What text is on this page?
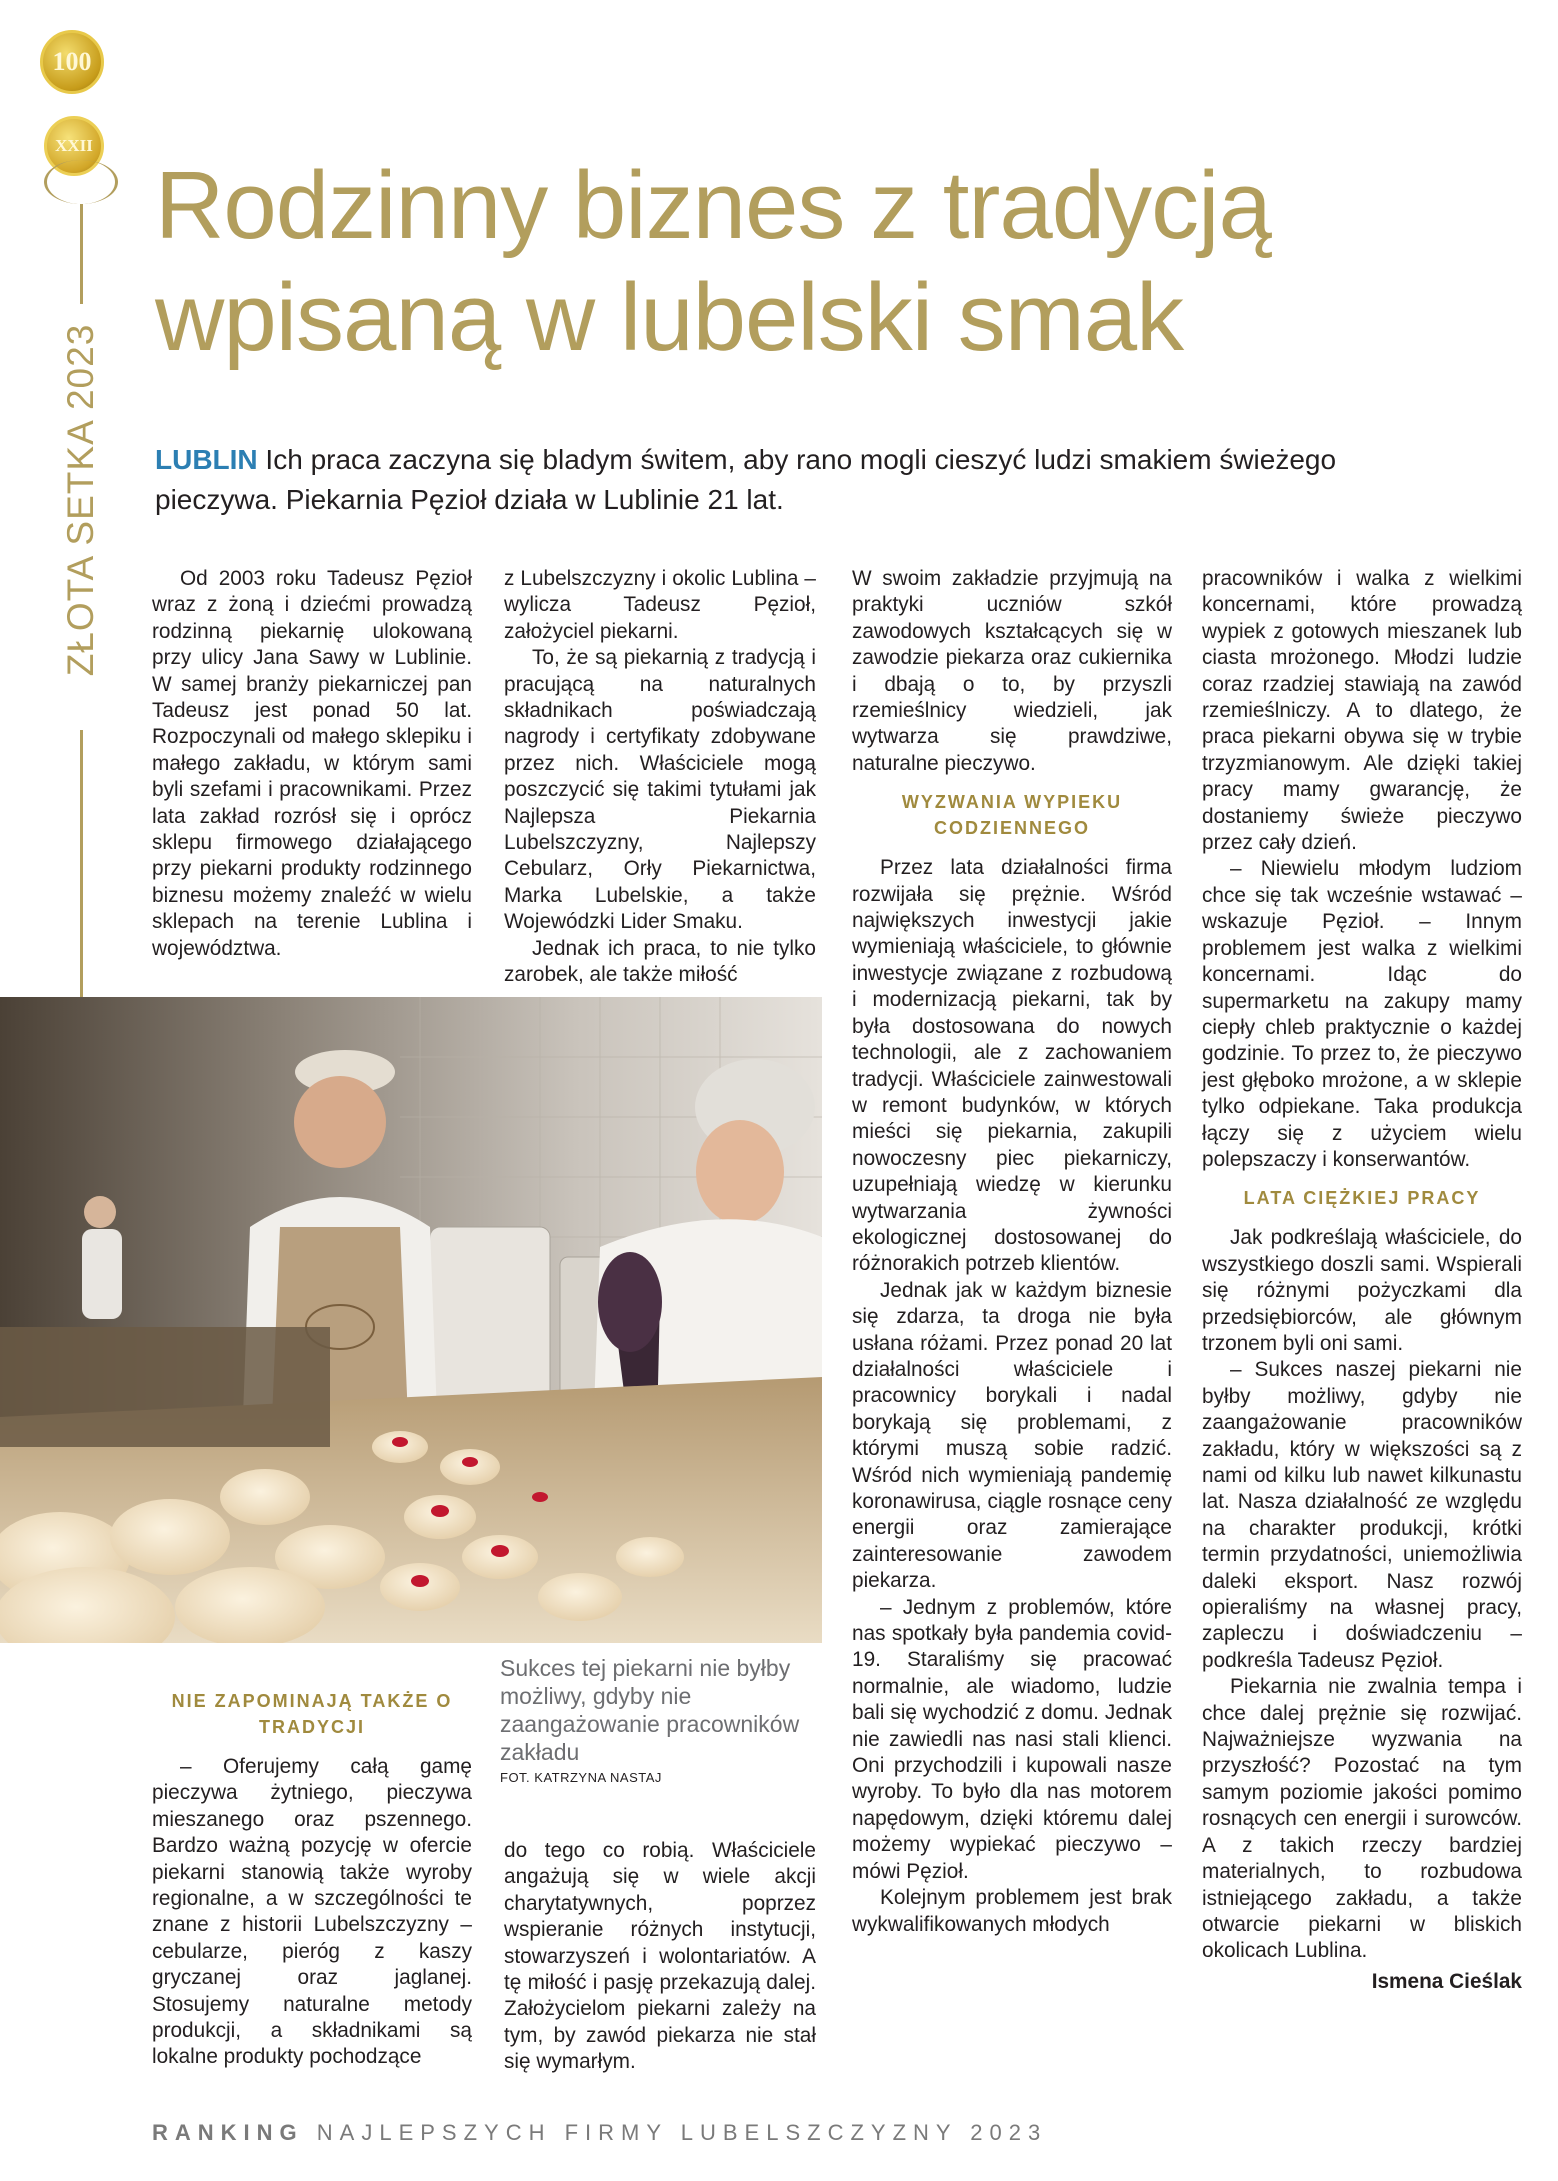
100
XXII
ZŁOTA SETKA 2023
Rodzinny biznes z tradycją
wpisaną w lubelski smak
LUBLIN Ich praca zaczyna się bladym świtem, aby rano mogli cieszyć ludzi smakiem świeżego pieczywa. Piekarnia Pęzioł działa w Lublinie 21 lat.

Od 2003 roku Tadeusz Pęzioł wraz z żoną i dziećmi prowadzą rodzinną piekarnię ulokowaną przy ulicy Jana Sawy w Lublinie. W samej branży piekarniczej pan Tadeusz jest ponad 50 lat. Rozpoczynali od małego sklepiku i małego zakładu, w którym sami byli szefami i pracownikami. Przez lata zakład rozrósł się i oprócz sklepu firmowego działającego przy piekarni produkty rodzinnego biznesu możemy znaleźć w wielu sklepach na terenie Lublina i województwa.

Sukces tej piekarni nie byłby możliwy, gdyby nie zaangażowanie pracowników zakładu
FOT. KATRZYNA NASTAJ
NIE ZAPOMINAJĄ TAKŻE O TRADYCJI

– Oferujemy całą gamę pieczywa żytniego, pieczywa mieszanego oraz pszennego. Bardzo ważną pozycję w ofercie piekarni stanowią także wyroby regionalne, a w szczególności te znane z historii Lubelszczyzny – cebularze, pieróg z kaszy gryczanej oraz jaglanej. Stosujemy naturalne metody produkcji, a składnikami są lokalne produkty pochodzące

z Lubelszczyzny i okolic Lublina – wylicza Tadeusz Pęzioł, założyciel piekarni.

To, że są piekarnią z tradycją i pracującą na naturalnych składnikach poświadczają nagrody i certyfikaty zdobywane przez nich. Właściciele mogą poszczycić się takimi tytułami jak Najlepsza Piekarnia Lubelszczyzny, Najlepszy Cebularz, Orły Piekarnictwa, Marka Lubelskie, a także Wojewódzki Lider Smaku.

Jednak ich praca, to nie tylko zarobek, ale także miłość

do tego co robią. Właściciele angażują się w wiele akcji charytatywnych, poprzez wspieranie różnych instytucji, stowarzyszeń i wolontariatów. A tę miłość i pasję przekazują dalej. Założycielom piekarni zależy na tym, by zawód piekarza nie stał się wymarłym.

W swoim zakładzie przyjmują na praktyki uczniów szkół zawodowych kształcących się w zawodzie piekarza oraz cukiernika i dbają o to, by przyszli rzemieślnicy wiedzieli, jak wytwarza się prawdziwe, naturalne pieczywo.

WYZWANIA WYPIEKU CODZIENNEGO

Przez lata działalności firma rozwijała się prężnie. Wśród największych inwestycji jakie wymieniają właściciele, to głównie inwestycje związane z rozbudową i modernizacją piekarni, tak by była dostosowana do nowych technologii, ale z zachowaniem tradycji. Właściciele zainwestowali w remont budynków, w których mieści się piekarnia, zakupili nowoczesny piec piekarniczy, uzupełniają wiedzę w kierunku wytwarzania żywności ekologicznej dostosowanej do różnorakich potrzeb klientów.

Jednak jak w każdym biznesie się zdarza, ta droga nie była usłana różami. Przez ponad 20 lat działalności właściciele i pracownicy borykali i nadal borykają się problemami, z którymi muszą sobie radzić. Wśród nich wymieniają pandemię koronawirusa, ciągle rosnące ceny energii oraz zamierające zainteresowanie zawodem piekarza.

– Jednym z problemów, które nas spotkały była pandemia covid-19. Staraliśmy się pracować normalnie, ale wiadomo, ludzie bali się wychodzić z domu. Jednak nie zawiedli nas nasi stali klienci. Oni przychodzili i kupowali nasze wyroby. To było dla nas motorem napędowym, dzięki któremu dalej możemy wypiekać pieczywo – mówi Pęzioł.

Kolejnym problemem jest brak wykwalifikowanych młodych

pracowników i walka z wielkimi koncernami, które prowadzą wypiek z gotowych mieszanek lub ciasta mrożonego. Młodzi ludzie coraz rzadziej stawiają na zawód rzemieślniczy. A to dlatego, że praca piekarni obywa się w trybie trzyzmianowym. Ale dzięki takiej pracy mamy gwarancję, że dostaniemy świeże pieczywo przez cały dzień.

– Niewielu młodym ludziom chce się tak wcześnie wstawać – wskazuje Pęzioł. – Innym problemem jest walka z wielkimi koncernami. Idąc do supermarketu na zakupy mamy ciepły chleb praktycznie o każdej godzinie. To przez to, że pieczywo jest głęboko mrożone, a w sklepie tylko odpiekane. Taka produkcja łączy się z użyciem wielu polepszaczy i konserwantów.

LATA CIĘŻKIEJ PRACY

Jak podkreślają właściciele, do wszystkiego doszli sami. Wspierali się różnymi pożyczkami dla przedsiębiorców, ale głównym trzonem byli oni sami.

– Sukces naszej piekarni nie byłby możliwy, gdyby nie zaangażowanie pracowników zakładu, który w większości są z nami od kilku lub nawet kilkunastu lat. Nasza działalność ze względu na charakter produkcji, krótki termin przydatności, uniemożliwia daleki eksport. Nasz rozwój opieraliśmy na własnej pracy, zapleczu i doświadczeniu – podkreśla Tadeusz Pęzioł.

Piekarnia nie zwalnia tempa i chce dalej prężnie się rozwijać. Najważniejsze wyzwania na przyszłość? Pozostać na tym samym poziomie jakości pomimo rosnących cen energii i surowców. A z takich rzeczy bardziej materialnych, to rozbudowa istniejącego zakładu, a także otwarcie piekarni w bliskich okolicach Lublina.

Ismena Cieślak
RANKING NAJLEPSZYCH FIRMY LUBELSZCZYZNY 2023
